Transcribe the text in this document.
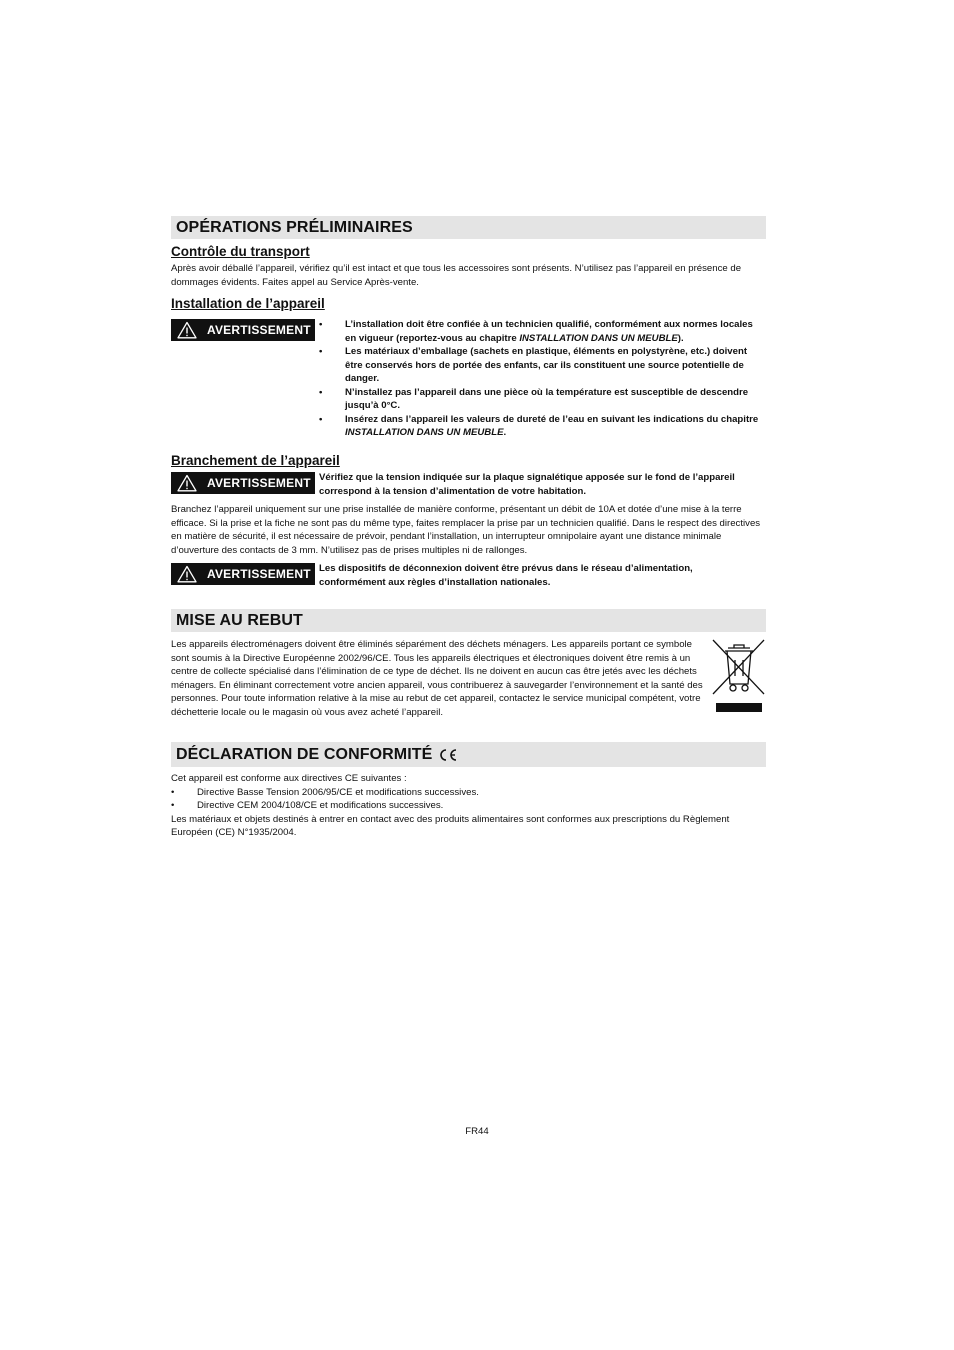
OPÉRATIONS PRÉLIMINAIRES
Contrôle du transport

Après avoir déballé l’appareil, vérifiez qu’il est intact et que tous les accessoires sont présents. N’utilisez pas l’appareil en présence de dommages évidents. Faites appel au Service Après-vente.

Installation de l’appareil
AVERTISSEMENT • L’installation doit être confiée à un technicien qualifié, conformément aux normes locales en vigueur (reportez-vous au chapitre INSTALLATION DANS UN MEUBLE).
• Les matériaux d’emballage (sachets en plastique, éléments en polystyrène, etc.) doivent être conservés hors de portée des enfants, car ils constituent une source potentielle de danger.
• N’installez pas l’appareil dans une pièce où la température est susceptible de descendre jusqu’à 0°C.
• Insérez dans l’appareil les valeurs de dureté de l’eau en suivant les indications du chapitre INSTALLATION DANS UN MEUBLE.
Branchement de l’appareil
AVERTISSEMENT Vérifiez que la tension indiquée sur la plaque signalétique apposée sur le fond de l’appareil correspond à la tension d’alimentation de votre habitation.

Branchez l’appareil uniquement sur une prise installée de manière conforme, présentant un débit de 10A et dotée d’une mise à la terre efficace. Si la prise et la fiche ne sont pas du même type, faites remplacer la prise par un technicien qualifié. Dans le respect des directives en matière de sécurité, il est nécessaire de prévoir, pendant l’installation, un interrupteur omnipolaire ayant une distance minimale d’ouverture des contacts de 3 mm. N’utilisez pas de prises multiples ni de rallonges.

AVERTISSEMENT Les dispositifs de déconnexion doivent être prévus dans le réseau d’alimentation, conformément aux règles d’installation nationales.

MISE AU REBUT

Les appareils électroménagers doivent être éliminés séparément des déchets ménagers. Les appareils portant ce symbole sont soumis à la Directive Européenne 2002/96/CE. Tous les appareils électriques et électroniques doivent être remis à un centre de collecte spécialisé dans l’élimination de ce type de déchet. Ils ne doivent en aucun cas être jetés avec les déchets ménagers. En éliminant correctement votre ancien appareil, vous contribuerez à sauvegarder l’environnement et la santé des personnes. Pour toute information relative à la mise au rebut de cet appareil, contactez le service municipal compétent, votre déchetterie locale ou le magasin où vous avez acheté l’appareil.

DÉCLARATION DE CONFORMITÉ

Cet appareil est conforme aux directives CE suivantes :

• Directive Basse Tension 2006/95/CE et modifications successives.
• Directive CEM 2004/108/CE et modifications successives.

Les matériaux et objets destinés à entrer en contact avec des produits alimentaires sont conformes aux prescriptions du Règlement Européen (CE) N°1935/2004.

FR44
